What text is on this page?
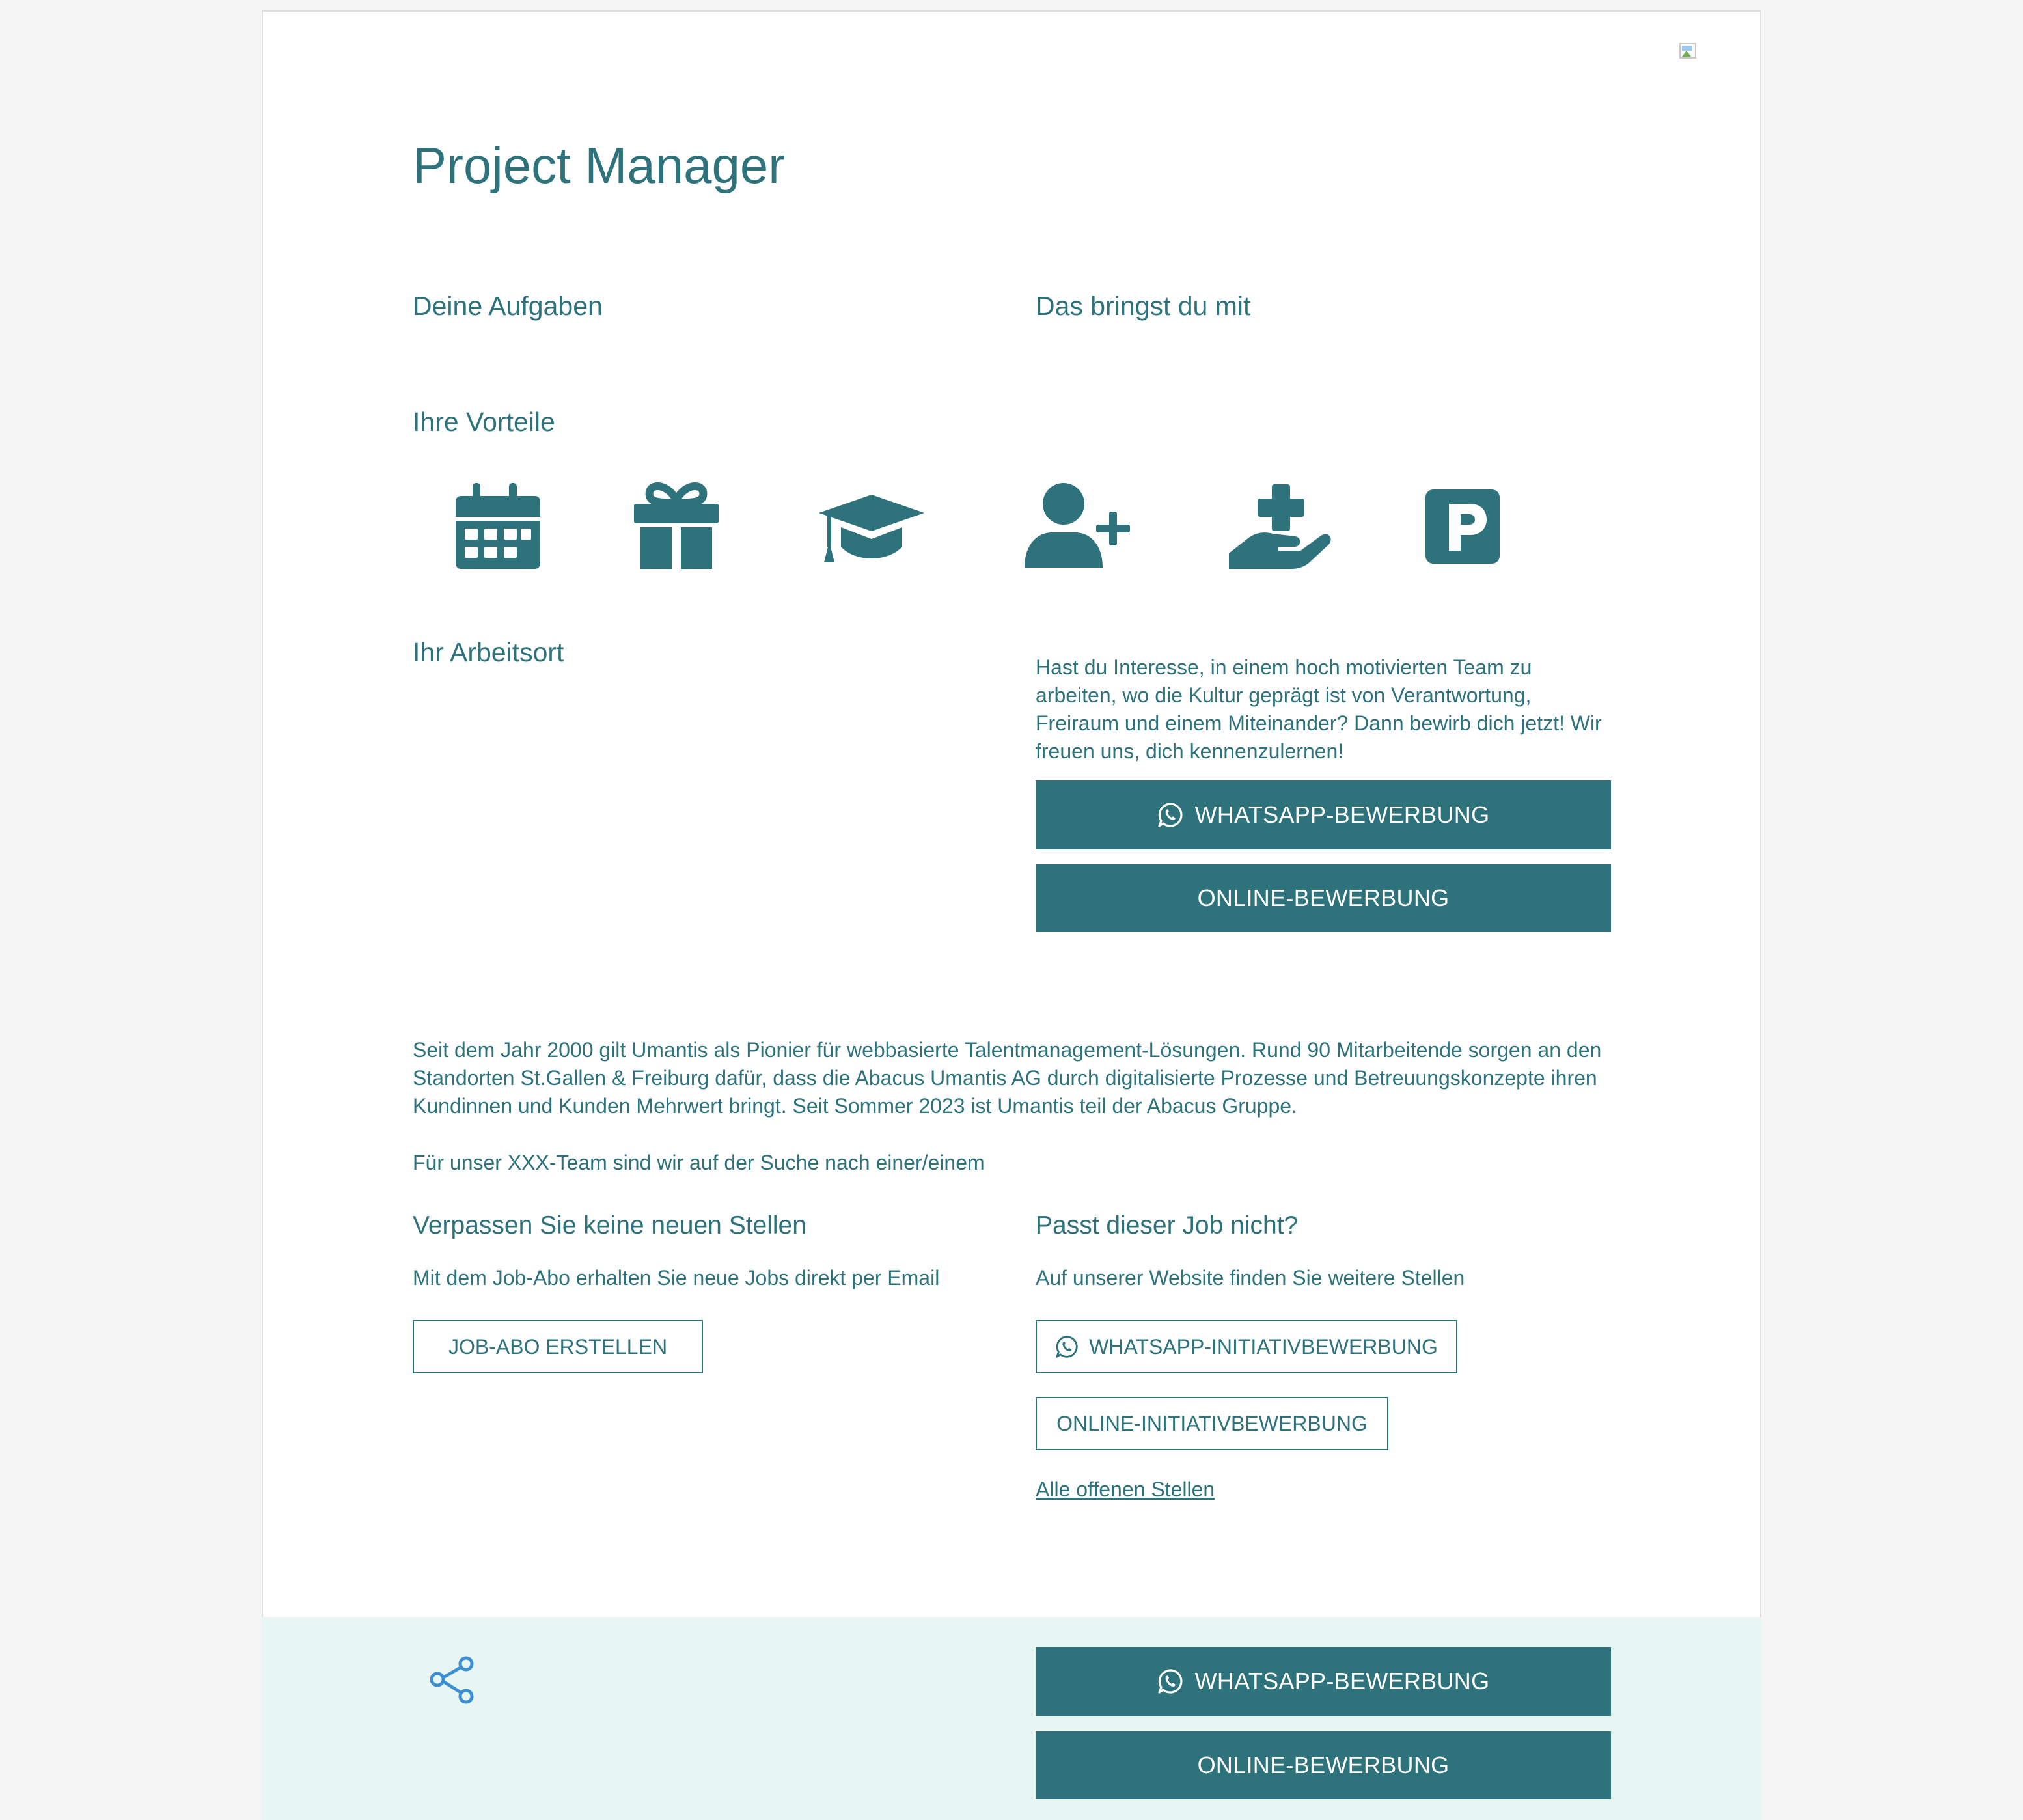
Project Manager
Deine Aufgaben	Das bringst du mit
Ihre Vorteile
Ihr Arbeitsort	Hast du Interesse, in einem hoch motivierten Team zu arbeiten, wo die Kultur geprägt ist von Verantwortung, Freiraum und einem Miteinander? Dann bewirb dich jetzt! Wir freuen uns, dich kennenzulernen!

WHATSAPP-BEWERBUNG
ONLINE-BEWERBUNG

Seit dem Jahr 2000 gilt Umantis als Pionier für webbasierte Talentmanagement-Lösungen. Rund 90 Mitarbeitende sorgen an den Standorten St.Gallen & Freiburg dafür, dass die Abacus Umantis AG durch digitalisierte Prozesse und Betreuungskonzepte ihren Kundinnen und Kunden Mehrwert bringt. Seit Sommer 2023 ist Umantis teil der Abacus Gruppe.

Für unser XXX-Team sind wir auf der Suche nach einer/einem

Verpassen Sie keine neuen Stellen

Mit dem Job-Abo erhalten Sie neue Jobs direkt per Email

JOB-ABO ERSTELLEN
Passt dieser Job nicht?

Auf unserer Website finden Sie weitere Stellen

WHATSAPP-INITIATIVBEWERBUNG
ONLINE-INITIATIVBEWERBUNG
Alle offenen Stellen
WHATSAPP-BEWERBUNG
ONLINE-BEWERBUNG
